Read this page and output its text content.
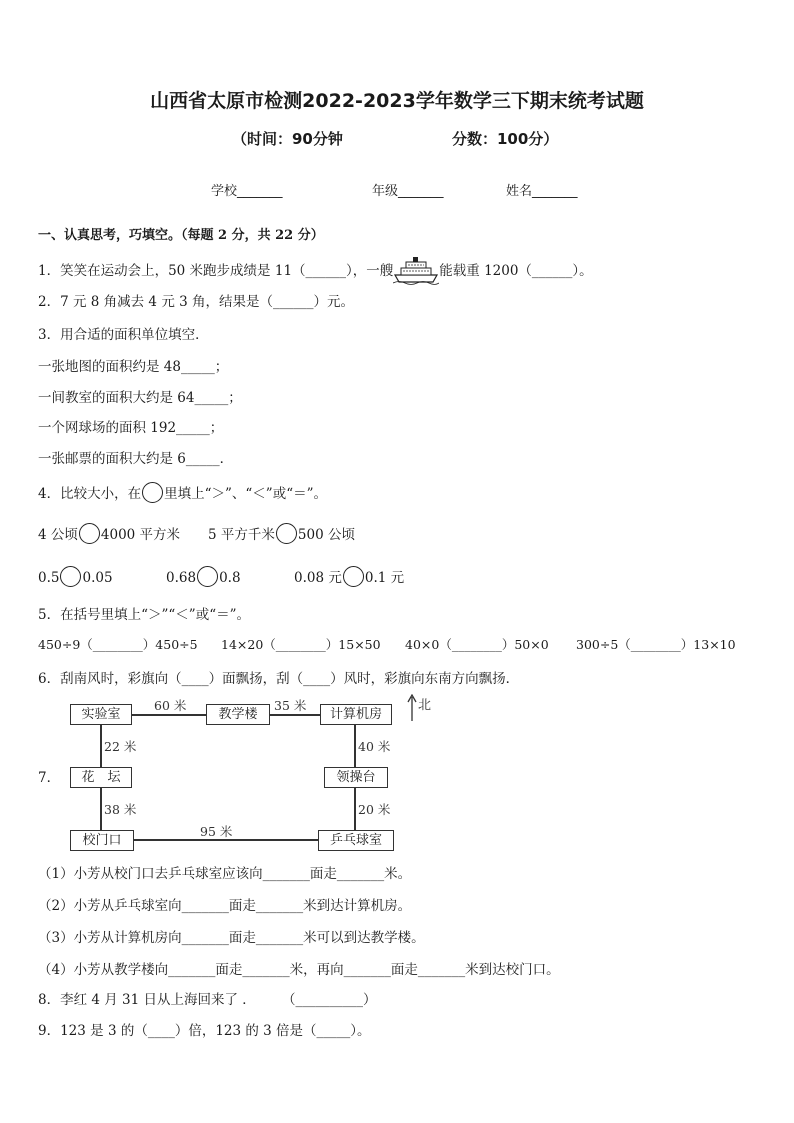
山西省太原市检测2022-2023学年数学三下期末统考试题
（时间：90分钟	分数：100分）
学校_______	年级_______	姓名_______
一、认真思考，巧填空。（每题 2 分，共 22 分）
1．笑笑在运动会上，50 米跑步成绩是 11（______），一艘	能载重 1200（______）。
2．7 元 8 角减去 4 元 3 角，结果是（______）元。
3．用合适的面积单位填空．
一张地图的面积约是 48_____；
一间教室的面积大约是 64_____；
一个网球场的面积 192_____；
一张邮票的面积大约是 6_____．
4．比较大小，在 里填上“＞”、“＜”或“＝”。
4 公顷 4000 平方米 5 平方千米 500 公顷
0.5 0.05	0.68 0.8	0.08 元 0.1 元
5．在括号里填上“＞”“＜”或“＝”。
450÷9（________）450÷5 14×20（________）15×50 40×0（________）50×0 300÷5（________）13×10
6．刮南风时，彩旗向（____）面飘扬，刮（____）风时，彩旗向东南方向飘扬．
7．
实验室	教学楼	计算机房
花　坛	领操台
校门口	乒乓球室
60 米	35 米
22 米	40 米
38 米	20 米
95 米
北
（1）小芳从校门口去乒乓球室应该向_______面走_______米。
（2）小芳从乒乓球室向_______面走_______米到达计算机房。
（3）小芳从计算机房向_______面走_______米可以到达教学楼。
（4）小芳从教学楼向_______面走_______米，再向_______面走_______米到达校门口。
8．李红 4 月 31 日从上海回来了 ． （__________）
9．123 是 3 的（____）倍，123 的 3 倍是（_____）。
